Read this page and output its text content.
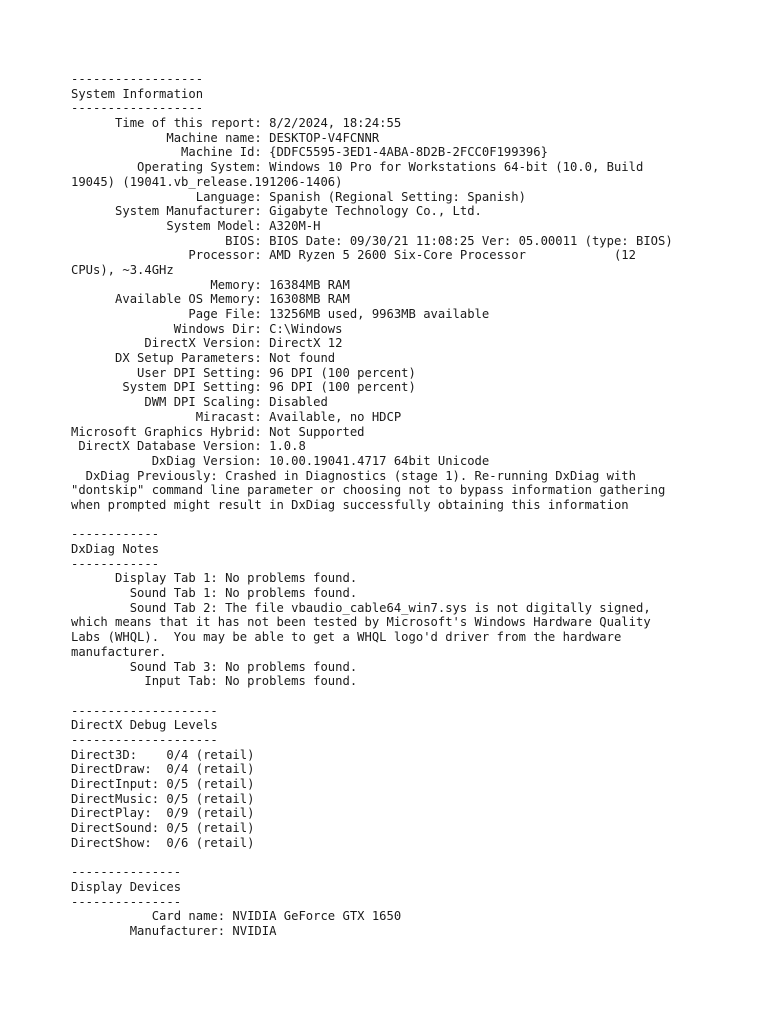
------------------
System Information
------------------
Time of this report: 8/2/2024, 18:24:55
Machine name: DESKTOP-V4FCNNR
Machine Id: {DDFC5595-3ED1-4ABA-8D2B-2FCC0F199396}
Operating System: Windows 10 Pro for Workstations 64-bit (10.0, Build
19045) (19041.vb_release.191206-1406)
Language: Spanish (Regional Setting: Spanish)
System Manufacturer: Gigabyte Technology Co., Ltd.
System Model: A320M-H
BIOS: BIOS Date: 09/30/21 11:08:25 Ver: 05.00011 (type: BIOS)
Processor: AMD Ryzen 5 2600 Six-Core Processor            (12
CPUs), ~3.4GHz
Memory: 16384MB RAM
Available OS Memory: 16308MB RAM
Page File: 13256MB used, 9963MB available
Windows Dir: C:\Windows
DirectX Version: DirectX 12
DX Setup Parameters: Not found
User DPI Setting: 96 DPI (100 percent)
System DPI Setting: 96 DPI (100 percent)
DWM DPI Scaling: Disabled
Miracast: Available, no HDCP
Microsoft Graphics Hybrid: Not Supported
DirectX Database Version: 1.0.8
DxDiag Version: 10.00.19041.4717 64bit Unicode
DxDiag Previously: Crashed in Diagnostics (stage 1). Re-running DxDiag with
"dontskip" command line parameter or choosing not to bypass information gathering
when prompted might result in DxDiag successfully obtaining this information

------------
DxDiag Notes
------------
Display Tab 1: No problems found.
Sound Tab 1: No problems found.
Sound Tab 2: The file vbaudio_cable64_win7.sys is not digitally signed,
which means that it has not been tested by Microsoft's Windows Hardware Quality
Labs (WHQL).  You may be able to get a WHQL logo'd driver from the hardware
manufacturer.
Sound Tab 3: No problems found.
Input Tab: No problems found.

--------------------
DirectX Debug Levels
--------------------
Direct3D:    0/4 (retail)
DirectDraw:  0/4 (retail)
DirectInput: 0/5 (retail)
DirectMusic: 0/5 (retail)
DirectPlay:  0/9 (retail)
DirectSound: 0/5 (retail)
DirectShow:  0/6 (retail)

---------------
Display Devices
---------------
Card name: NVIDIA GeForce GTX 1650
Manufacturer: NVIDIA
